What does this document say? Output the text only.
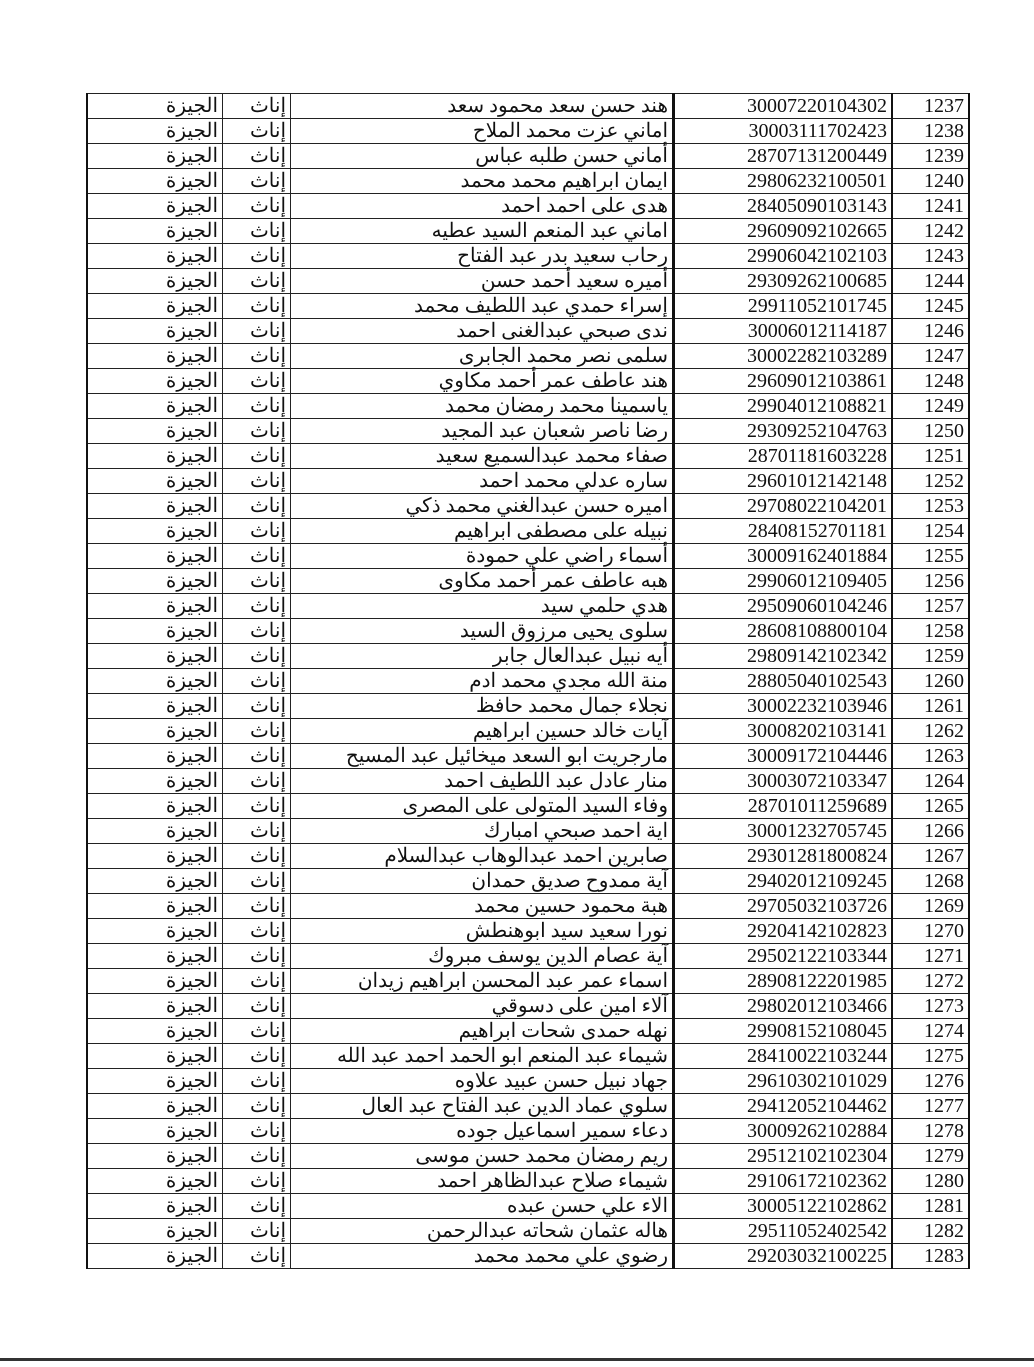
الجيزة	إناث	هند حسن سعد محمود سعد	30007220104302	1237
الجيزة	إناث	اماني عزت محمد الملاح	30003111702423	1238
الجيزة	إناث	أماني حسن طلبه عباس	28707131200449	1239
الجيزة	إناث	ايمان ابراهيم محمد محمد	29806232100501	1240
الجيزة	إناث	هدى على احمد احمد	28405090103143	1241
الجيزة	إناث	اماني عبد المنعم السيد عطيه	29609092102665	1242
الجيزة	إناث	رحاب سعيد بدر عبد الفتاح	29906042102103	1243
الجيزة	إناث	أميره سعيد أحمد حسن	29309262100685	1244
الجيزة	إناث	إسراء حمدي عبد اللطيف محمد	29911052101745	1245
الجيزة	إناث	ندى صبحي عبدالغنى احمد	30006012114187	1246
الجيزة	إناث	سلمى نصر محمد الجابرى	30002282103289	1247
الجيزة	إناث	هند عاطف عمر أحمد مكاوي	29609012103861	1248
الجيزة	إناث	ياسمينا محمد رمضان محمد	29904012108821	1249
الجيزة	إناث	رضا ناصر شعبان عبد المجيد	29309252104763	1250
الجيزة	إناث	صفاء محمد عبدالسميع سعيد	28701181603228	1251
الجيزة	إناث	ساره عدلي محمد احمد	29601012142148	1252
الجيزة	إناث	اميره حسن عبدالغني محمد ذكي	29708022104201	1253
الجيزة	إناث	نبيله على مصطفى ابراهيم	28408152701181	1254
الجيزة	إناث	أسماء راضي علي حمودة	30009162401884	1255
الجيزة	إناث	هبه عاطف عمر أحمد مكاوى	29906012109405	1256
الجيزة	إناث	هدي حلمي سيد	29509060104246	1257
الجيزة	إناث	سلوى يحيى مرزوق السيد	28608108800104	1258
الجيزة	إناث	أيه نبيل عبدالعال جابر	29809142102342	1259
الجيزة	إناث	منة الله مجدي محمد ادم	28805040102543	1260
الجيزة	إناث	نجلاء جمال محمد حافظ	30002232103946	1261
الجيزة	إناث	آيات خالد حسين ابراهيم	30008202103141	1262
الجيزة	إناث	مارجريت ابو السعد ميخائيل عبد المسيح	30009172104446	1263
الجيزة	إناث	منار عادل عبد اللطيف احمد	30003072103347	1264
الجيزة	إناث	وفاء السيد المتولى على المصرى	28701011259689	1265
الجيزة	إناث	اية احمد صبحي امبارك	30001232705745	1266
الجيزة	إناث	صابرين احمد عبدالوهاب عبدالسلام	29301281800824	1267
الجيزة	إناث	آية ممدوح صديق حمدان	29402012109245	1268
الجيزة	إناث	هبة محمود حسين محمد	29705032103726	1269
الجيزة	إناث	نورا سعيد سيد ابوهنطش	29204142102823	1270
الجيزة	إناث	آية عصام الدين يوسف مبروك	29502122103344	1271
الجيزة	إناث	اسماء عمر عبد المحسن ابراهيم زيدان	28908122201985	1272
الجيزة	إناث	آلاء امين على دسوقي	29802012103466	1273
الجيزة	إناث	نهله حمدى شحات ابراهيم	29908152108045	1274
الجيزة	إناث	شيماء عبد المنعم ابو الحمد احمد عبد الله	28410022103244	1275
الجيزة	إناث	جهاد نبيل حسن عبيد علاوه	29610302101029	1276
الجيزة	إناث	سلوي عماد الدين عبد الفتاح عبد العال	29412052104462	1277
الجيزة	إناث	دعاء سمير اسماعيل جوده	30009262102884	1278
الجيزة	إناث	ريم رمضان محمد حسن موسى	29512102102304	1279
الجيزة	إناث	شيماء صلاح عبدالظاهر احمد	29106172102362	1280
الجيزة	إناث	الاء علي حسن عبده	30005122102862	1281
الجيزة	إناث	هاله عثمان شحاته عبدالرحمن	29511052402542	1282
الجيزة	إناث	رضوي علي محمد محمد	29203032100225	1283
